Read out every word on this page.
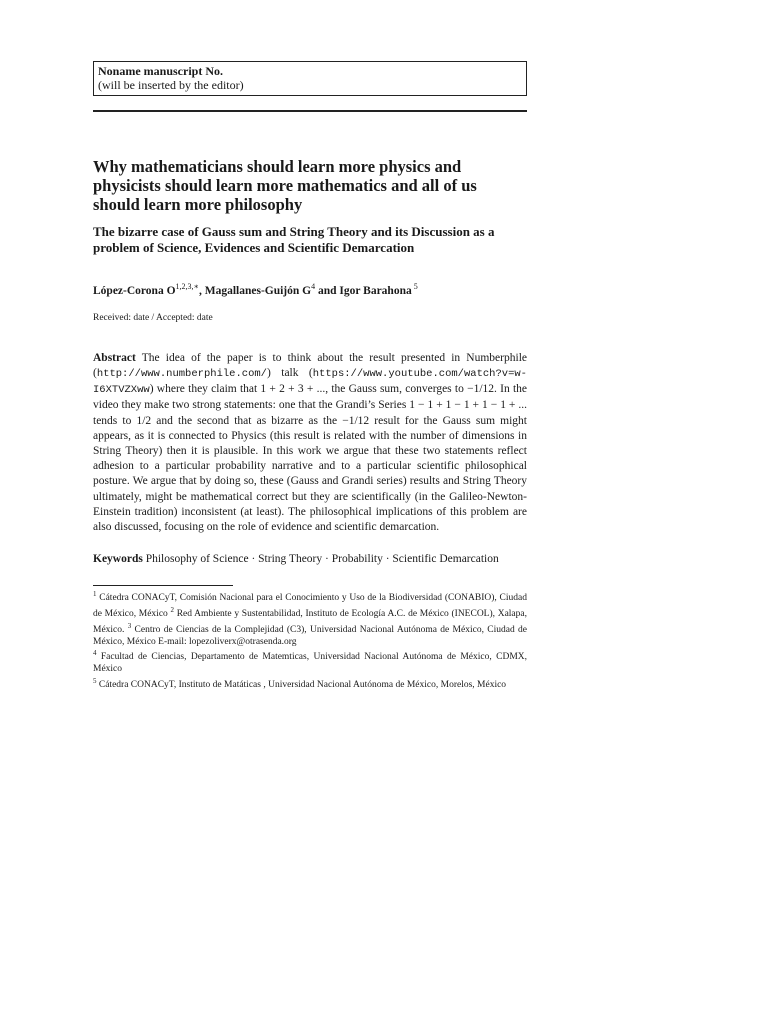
Noname manuscript No.
(will be inserted by the editor)
Why mathematicians should learn more physics and physicists should learn more mathematics and all of us should learn more philosophy
The bizarre case of Gauss sum and String Theory and its Discussion as a problem of Science, Evidences and Scientific Demarcation
López-Corona $O^{1,2,3,∗}$, Magallanes-Guijón $G^4$ and Igor Barahona $^5$
Received: date / Accepted: date
Abstract The idea of the paper is to think about the result presented in Numberphile (http://www.numberphile.com/) talk (https://www.youtube.com/watch?v=w-I6XTVZXww) where they claim that 1 + 2 + 3 + ..., the Gauss sum, converges to −1/12. In the video they make two strong statements: one that the Grandi’s Series 1 − 1 + 1 − 1 + 1 − 1 + ... tends to 1/2 and the second that as bizarre as the −1/12 result for the Gauss sum might appears, as it is connected to Physics (this result is related with the number of dimensions in String Theory) then it is plausible. In this work we argue that these two statements reflect adhesion to a particular probability narrative and to a particular scientific philosophical posture. We argue that by doing so, these (Gauss and Grandi series) results and String Theory ultimately, might be mathematical correct but they are scientifically (in the Galileo-Newton-Einstein tradition) inconsistent (at least). The philosophical implications of this problem are also discussed, focusing on the role of evidence and scientific demarcation.
Keywords Philosophy of Science · String Theory · Probability · Scientific Demarcation
$^1$ Cátedra CONACyT, Comisión Nacional para el Conocimiento y Uso de la Biodiversidad (CONABIO), Ciudad de México, México $^2$ Red Ambiente y Sustentabilidad, Instituto de Ecología A.C. de México (INECOL), Xalapa, México. $^3$ Centro de Ciencias de la Complejidad (C3), Universidad Nacional Autónoma de México, Ciudad de México, México E-mail: lopezoliverx@otrasenda.org
$^4$ Facultad de Ciencias, Departamento de Matemticas, Universidad Nacional Autónoma de México, CDMX, México
$^5$ Cátedra CONACyT, Instituto de Matáticas , Universidad Nacional Autónoma de México, Morelos, México
